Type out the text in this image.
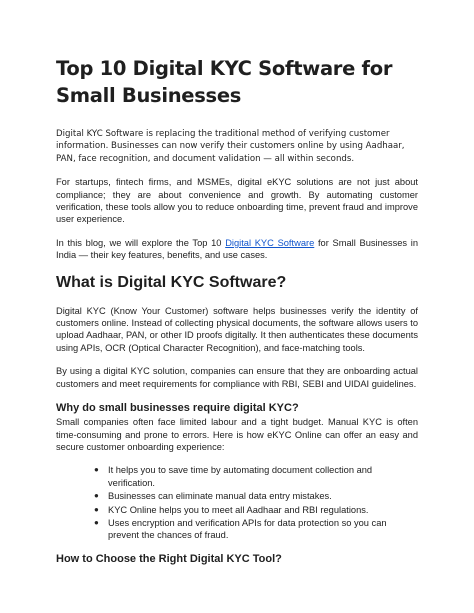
Top 10 Digital KYC Software for Small Businesses

Digital KYC Software is replacing the traditional method of verifying customer information. Businesses can now verify their customers online by using Aadhaar, PAN, face recognition, and document validation — all within seconds.

For startups, fintech firms, and MSMEs, digital eKYC solutions are not just about compliance; they are about convenience and growth. By automating customer verification, these tools allow you to reduce onboarding time, prevent fraud and improve user experience.

In this blog, we will explore the Top 10 Digital KYC Software for Small Businesses in India — their key features, benefits, and use cases.

What is Digital KYC Software?

Digital KYC (Know Your Customer) software helps businesses verify the identity of customers online. Instead of collecting physical documents, the software allows users to upload Aadhaar, PAN, or other ID proofs digitally. It then authenticates these documents using APIs, OCR (Optical Character Recognition), and face-matching tools.

By using a digital KYC solution, companies can ensure that they are onboarding actual customers and meet requirements for compliance with RBI, SEBI and UIDAI guidelines.

Why do small businesses require digital KYC?

Small companies often face limited labour and a tight budget. Manual KYC is often time-consuming and prone to errors. Here is how eKYC Online can offer an easy and secure customer onboarding experience:

● It helps you to save time by automating document collection and verification.
● Businesses can eliminate manual data entry mistakes.
● KYC Online helps you to meet all Aadhaar and RBI regulations.
● Uses encryption and verification APIs for data protection so you can prevent the chances of fraud.
How to Choose the Right Digital KYC Tool?
